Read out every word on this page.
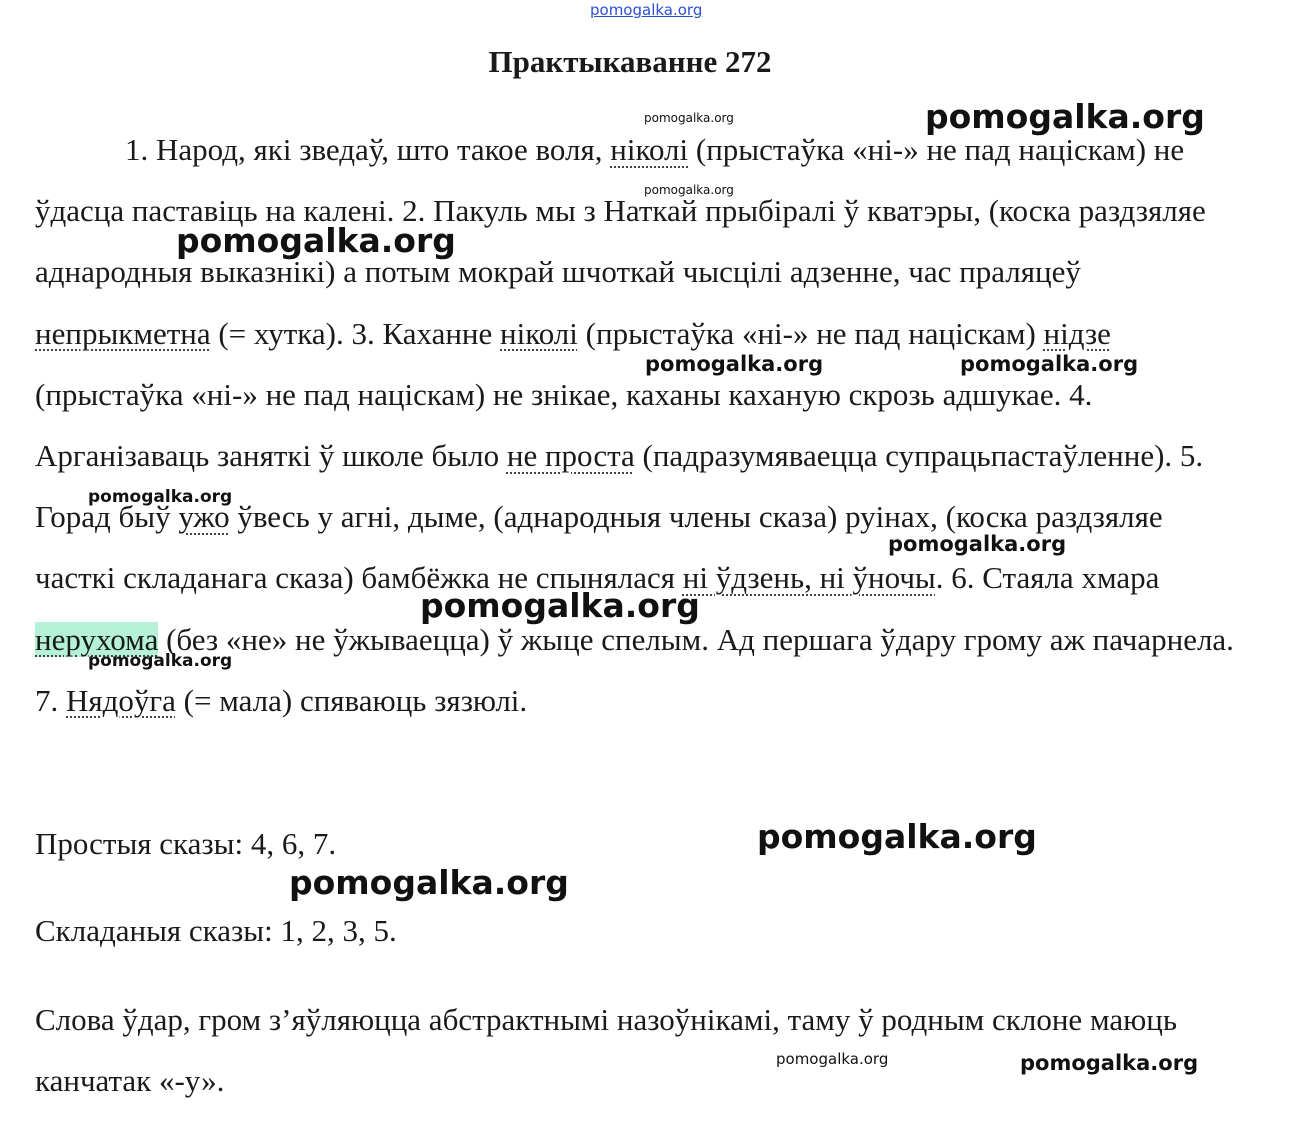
pomogalka.org
Практыкаванне 272

1. Народ, які зведаў, што такое воля, ніколі (прыстаўка «ні-» не пад націскам) не ўдасца паставіць на калені. 2. Пакуль мы з Наткай прыбіралі ў кватэры, (коска раздзяляе аднародныя выказнікі) а потым мокрай шчоткай чысцілі адзенне, час праляцеў непрыкметна (= хутка). 3. Каханне ніколі (прыстаўка «ні-» не пад націскам) нідзе (прыстаўка «ні-» не пад націскам) не знікае, каханы каханую скрозь адшукае. 4. Арганізаваць заняткі ў школе было не проста (падразумяваецца супрацьпастаўленне). 5. Горад быў ужо ўвесь у агні, дыме, (аднародныя члены сказа) руінах, (коска раздзяляе часткі складанага сказа) бамбёжка не спынялася ні ўдзень, ні ўночы. 6. Стаяла хмара нерухома (без «не» не ўжываецца) ў жыце спелым. Ад першага ўдару грому аж пачарнела. 7. Нядоўга (= мала) спяваюць зязюлі.

Простыя сказы: 4, 6, 7.

Складаныя сказы: 1, 2, 3, 5.

Слова ўдар, гром з’яўляюцца абстрактнымі назоўнікамі, таму ў родным склоне маюць канчатак «-у».

pomogalka.org	pomogalka.org
pomogalka.org
pomogalka.org
pomogalka.org	pomogalka.org
pomogalka.org
pomogalka.org
pomogalka.org
pomogalka.org
pomogalka.org
pomogalka.org
pomogalka.org	pomogalka.org
